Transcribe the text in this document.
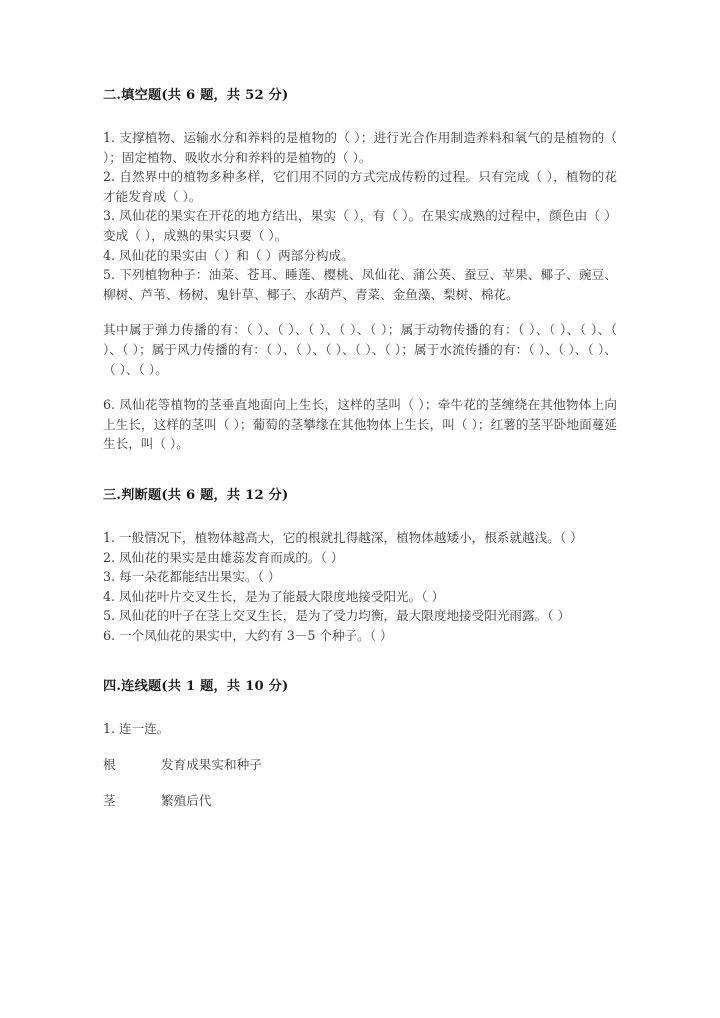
二.填空题(共 6 题，共 52 分)
1. 支撑植物、运输水分和养料的是植物的（ ）；进行光合作用制造养料和氧气的是植物的（ ）；固定植物、吸收水分和养料的是植物的（ ）。
2. 自然界中的植物多种多样，它们用不同的方式完成传粉的过程。只有完成（ ），植物的花才能发育成（ ）。
3. 凤仙花的果实在开花的地方结出，果实（ ），有（ ）。在果实成熟的过程中，颜色由（ ）变成（ ），成熟的果实只要（ ）。
4. 凤仙花的果实由（ ）和（ ）两部分构成。
5. 下列植物种子：油菜、苍耳、睡莲、樱桃、凤仙花、蒲公英、蚕豆、苹果、椰子、豌豆、柳树、芦苇、杨树、鬼针草、椰子、水葫芦、青菜、金鱼藻、梨树、棉花。
其中属于弹力传播的有：（ ）、（ ）、（ ）、（ ）、（ ）；属于动物传播的有：（ ）、（ ）、（ ）、（ ）、（ ）；属于风力传播的有：（ ）、（ ）、（ ）、（ ）、（ ）；属于水流传播的有：（ ）、（ ）、（ ）、（ ）、（ ）。
6. 凤仙花等植物的茎垂直地面向上生长，这样的茎叫（ ）；牵牛花的茎缠绕在其他物体上向上生长，这样的茎叫（ ）；葡萄的茎攀缘在其他物体上生长，叫（ ）；红薯的茎平卧地面蔓延生长，叫（ ）。
三.判断题(共 6 题，共 12 分)
1. 一般情况下，植物体越高大，它的根就扎得越深，植物体越矮小，根系就越浅。（ ）
2. 凤仙花的果实是由雄蕊发育而成的。（ ）
3. 每一朵花都能结出果实。（ ）
4. 凤仙花叶片交叉生长，是为了能最大限度地接受阳光。（ ）
5. 凤仙花的叶子在茎上交叉生长，是为了受力均衡，最大限度地接受阳光雨露。（ ）
6. 一个凤仙花的果实中，大约有 3－5 个种子。（ ）
四.连线题(共 1 题，共 10 分)
1. 连一连。
根	发育成果实和种子
茎	繁殖后代
